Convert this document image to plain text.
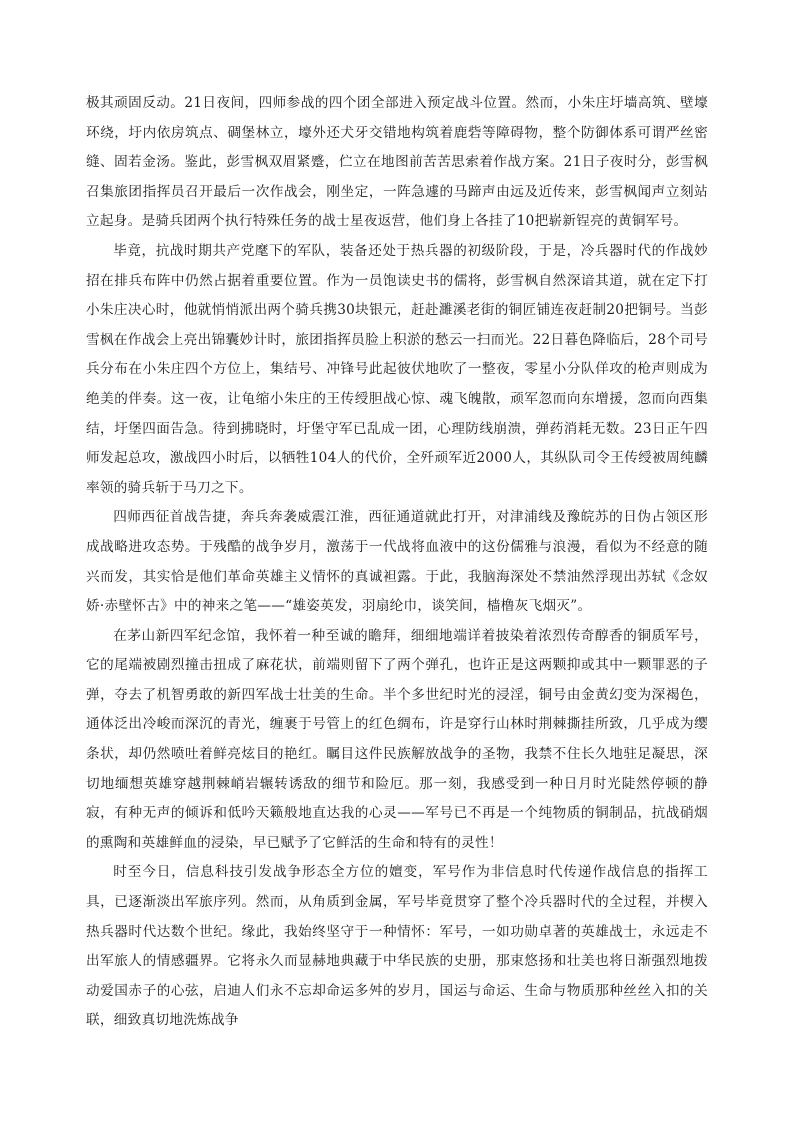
极其顽固反动。21日夜间，四师参战的四个团全部进入预定战斗位置。然而，小朱庄圩墙高筑、壁壕环绕，圩内依房筑点、碉堡林立，壕外还犬牙交错地构筑着鹿砦等障碍物，整个防御体系可谓严丝密缝、固若金汤。鉴此，彭雪枫双眉紧蹙，伫立在地图前苦苦思索着作战方案。21日子夜时分，彭雪枫召集旅团指挥员召开最后一次作战会，刚坐定，一阵急遽的马蹄声由远及近传来，彭雪枫闻声立刻站立起身。是骑兵团两个执行特殊任务的战士星夜返营，他们身上各挂了10把崭新锃亮的黄铜军号。

毕竟，抗战时期共产党麾下的军队，装备还处于热兵器的初级阶段，于是，冷兵器时代的作战妙招在排兵布阵中仍然占据着重要位置。作为一员饱读史书的儒将，彭雪枫自然深谙其道，就在定下打小朱庄决心时，他就悄悄派出两个骑兵携30块银元，赶赴濉溪老街的铜匠铺连夜赶制20把铜号。当彭雪枫在作战会上亮出锦囊妙计时，旅团指挥员脸上积淤的愁云一扫而光。22日暮色降临后，28个司号兵分布在小朱庄四个方位上，集结号、冲锋号此起彼伏地吹了一整夜，零星小分队佯攻的枪声则成为绝美的伴奏。这一夜，让龟缩小朱庄的王传绶胆战心惊、魂飞魄散，顽军忽而向东增援，忽而向西集结，圩堡四面告急。待到拂晓时，圩堡守军已乱成一团，心理防线崩溃，弹药消耗无数。23日正午四师发起总攻，激战四小时后，以牺牲104人的代价，全歼顽军近2000人，其纵队司令王传绶被周纯麟率领的骑兵斩于马刀之下。

四师西征首战告捷，奔兵奔袭威震江淮，西征通道就此打开，对津浦线及豫皖苏的日伪占领区形成战略进攻态势。于残酷的战争岁月，激荡于一代战将血液中的这份儒雅与浪漫，看似为不经意的随兴而发，其实恰是他们革命英雄主义情怀的真诚袒露。于此，我脑海深处不禁油然浮现出苏轼《念奴娇·赤壁怀古》中的神来之笔——“雄姿英发，羽扇纶巾，谈笑间，樯橹灰飞烟灭”。

在茅山新四军纪念馆，我怀着一种至诚的瞻拜，细细地端详着披染着浓烈传奇醇香的铜质军号，它的尾端被剧烈撞击扭成了麻花状，前端则留下了两个弹孔，也许正是这两颗抑或其中一颗罪恶的子弹，夺去了机智勇敢的新四军战士壮美的生命。半个多世纪时光的浸淫，铜号由金黄幻变为深褐色，通体泛出冷峻而深沉的青光，缠裹于号管上的红色绸布，许是穿行山林时荆棘撕挂所致，几乎成为缨条状，却仍然喷吐着鲜亮炫目的艳红。瞩目这件民族解放战争的圣物，我禁不住长久地驻足凝思，深切地缅想英雄穿越荆棘峭岩辗转诱敌的细节和险厄。那一刻，我感受到一种日月时光陡然停顿的静寂，有种无声的倾诉和低吟天籁般地直达我的心灵——军号已不再是一个纯物质的铜制品，抗战硝烟的熏陶和英雄鲜血的浸染，早已赋予了它鲜活的生命和特有的灵性！

时至今日，信息科技引发战争形态全方位的嬗变，军号作为非信息时代传递作战信息的指挥工具，已逐渐淡出军旅序列。然而，从角质到金属，军号毕竟贯穿了整个冷兵器时代的全过程，并楔入热兵器时代达数个世纪。缘此，我始终坚守于一种情怀：军号，一如功勋卓著的英雄战士，永远走不出军旅人的情感疆界。它将永久而显赫地典藏于中华民族的史册，那束悠扬和壮美也将日渐强烈地拨动爱国赤子的心弦，启迪人们永不忘却命运多舛的岁月，国运与命运、生命与物质那种丝丝入扣的关联，细致真切地洗炼战争
